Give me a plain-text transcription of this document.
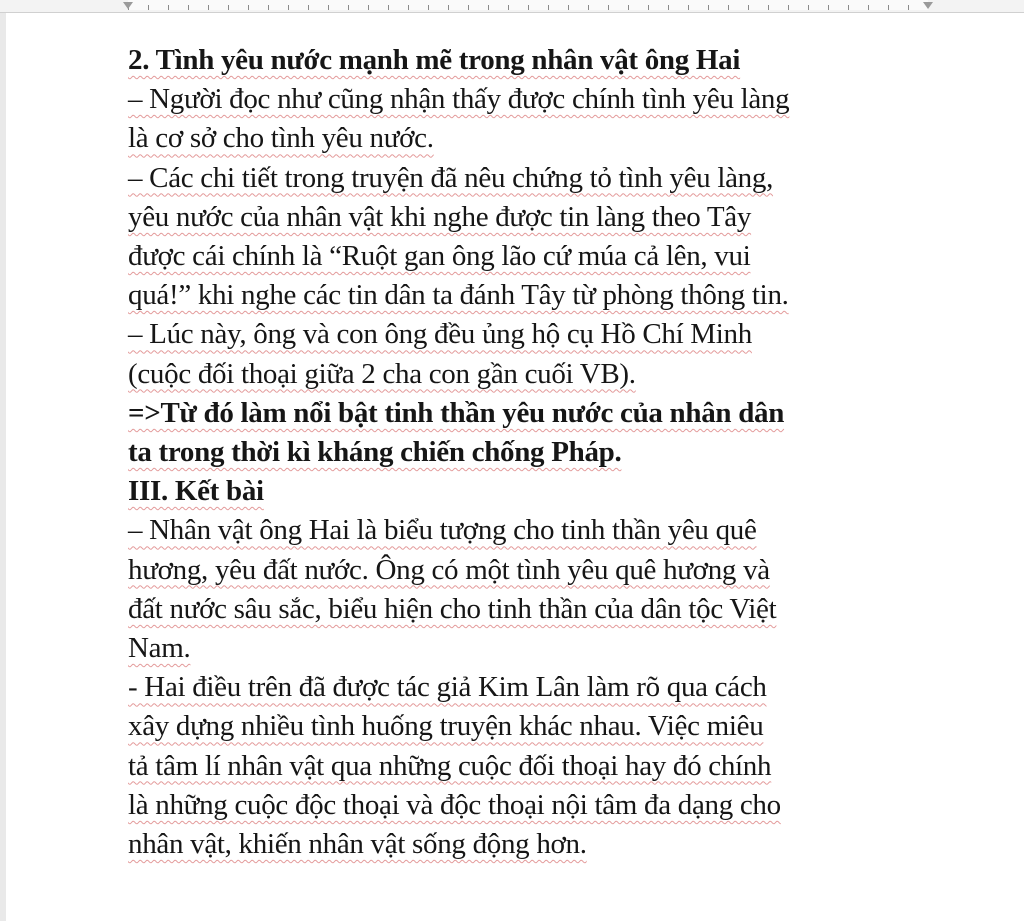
2. Tình yêu nước mạnh mẽ trong nhân vật ông Hai
– Người đọc như cũng nhận thấy được chính tình yêu làng
là cơ sở cho tình yêu nước.
– Các chi tiết trong truyện đã nêu chứng tỏ tình yêu làng,
yêu nước của nhân vật khi nghe được tin làng theo Tây
được cái chính là “Ruột gan ông lão cứ múa cả lên, vui
quá!” khi nghe các tin dân ta đánh Tây từ phòng thông tin.
– Lúc này, ông và con ông đều ủng hộ cụ Hồ Chí Minh
(cuộc đối thoại giữa 2 cha con gần cuối VB).
=>Từ đó làm nổi bật tinh thần yêu nước của nhân dân
ta trong thời kì kháng chiến chống Pháp.
III. Kết bài
– Nhân vật ông Hai là biểu tượng cho tinh thần yêu quê
hương, yêu đất nước. Ông có một tình yêu quê hương và
đất nước sâu sắc, biểu hiện cho tinh thần của dân tộc Việt
Nam.
- Hai điều trên đã được tác giả Kim Lân làm rõ qua cách
xây dựng nhiều tình huống truyện khác nhau. Việc miêu
tả tâm lí nhân vật qua những cuộc đối thoại hay đó chính
là những cuộc độc thoại và độc thoại nội tâm đa dạng cho
nhân vật, khiến nhân vật sống động hơn.
